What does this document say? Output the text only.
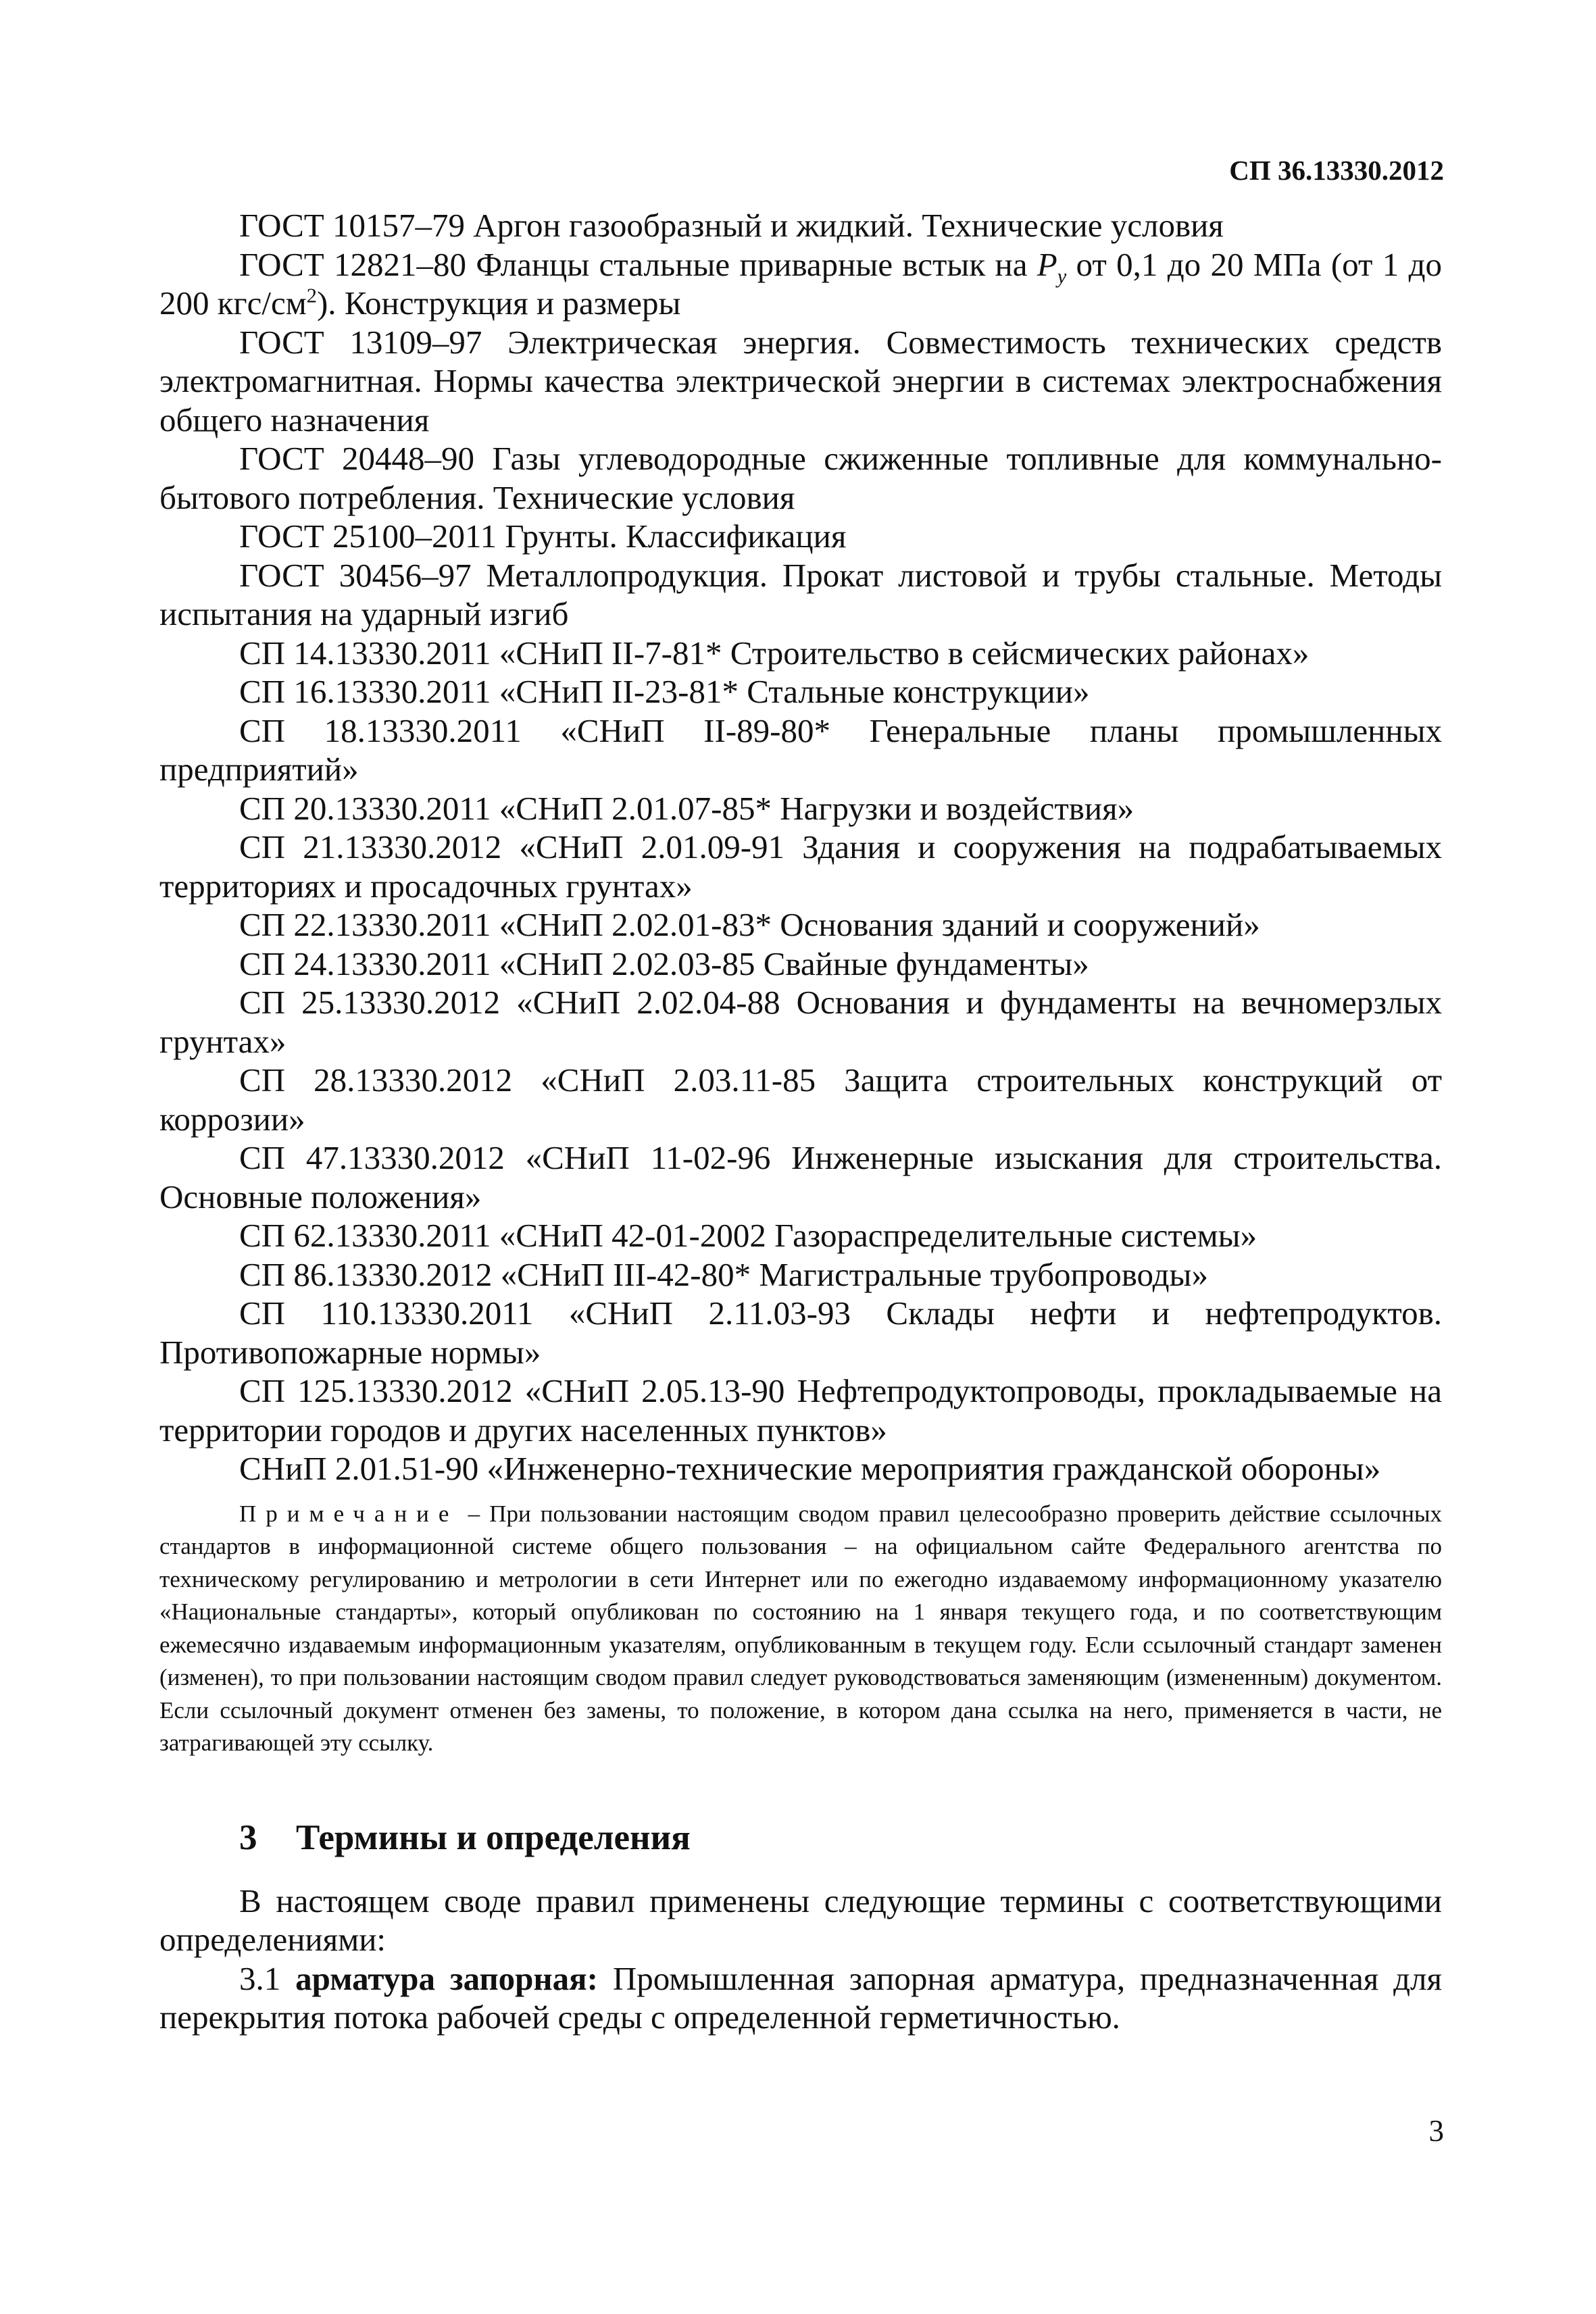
СП 36.13330.2012

ГОСТ 10157–79 Аргон газообразный и жидкий. Технические условия

ГОСТ 12821–80 Фланцы стальные приварные встык на $P_y$ от 0,1 до 20 МПа (от 1 до 200 кгс/$см^2$). Конструкция и размеры

ГОСТ 13109–97 Электрическая энергия. Совместимость технических средств электромагнитная. Нормы качества электрической энергии в системах электроснабжения общего назначения

ГОСТ 20448–90 Газы углеводородные сжиженные топливные для коммунально-бытового потребления. Технические условия

ГОСТ 25100–2011 Грунты. Классификация

ГОСТ 30456–97 Металлопродукция. Прокат листовой и трубы стальные. Методы испытания на ударный изгиб

СП 14.13330.2011 «СНиП II-7-81* Строительство в сейсмических районах»

СП 16.13330.2011 «СНиП II-23-81* Стальные конструкции»

СП 18.13330.2011 «СНиП II-89-80* Генеральные планы промышленных предприятий»

СП 20.13330.2011 «СНиП 2.01.07-85* Нагрузки и воздействия»

СП 21.13330.2012 «СНиП 2.01.09-91 Здания и сооружения на подрабатываемых территориях и просадочных грунтах»

СП 22.13330.2011 «СНиП 2.02.01-83* Основания зданий и сооружений»

СП 24.13330.2011 «СНиП 2.02.03-85 Свайные фундаменты»

СП 25.13330.2012 «СНиП 2.02.04-88 Основания и фундаменты на вечномерзлых грунтах»

СП 28.13330.2012 «СНиП 2.03.11-85 Защита строительных конструкций от коррозии»

СП 47.13330.2012 «СНиП 11-02-96 Инженерные изыскания для строительства. Основные положения»

СП 62.13330.2011 «СНиП 42-01-2002 Газораспределительные системы»

СП 86.13330.2012 «СНиП III-42-80* Магистральные трубопроводы»

СП 110.13330.2011 «СНиП 2.11.03-93 Склады нефти и нефтепродуктов. Противопожарные нормы»

СП 125.13330.2012 «СНиП 2.05.13-90 Нефтепродуктопроводы, прокладываемые на территории городов и других населенных пунктов»

СНиП 2.01.51-90 «Инженерно-технические мероприятия гражданской обороны»

Примечание – При пользовании настоящим сводом правил целесообразно проверить действие ссылочных стандартов в информационной системе общего пользования – на официальном сайте Федерального агентства по техническому регулированию и метрологии в сети Интернет или по ежегодно издаваемому информационному указателю «Национальные стандарты», который опубликован по состоянию на 1 января текущего года, и по соответствующим ежемесячно издаваемым информационным указателям, опубликованным в текущем году. Если ссылочный стандарт заменен (изменен), то при пользовании настоящим сводом правил следует руководствоваться заменяющим (измененным) документом. Если ссылочный документ отменен без замены, то положение, в котором дана ссылка на него, применяется в части, не затрагивающей эту ссылку.

3 Термины и определения

В настоящем своде правил применены следующие термины с соответствующими определениями:

3.1 арматура запорная: Промышленная запорная арматура, предназначенная для перекрытия потока рабочей среды с определенной герметичностью.

3
